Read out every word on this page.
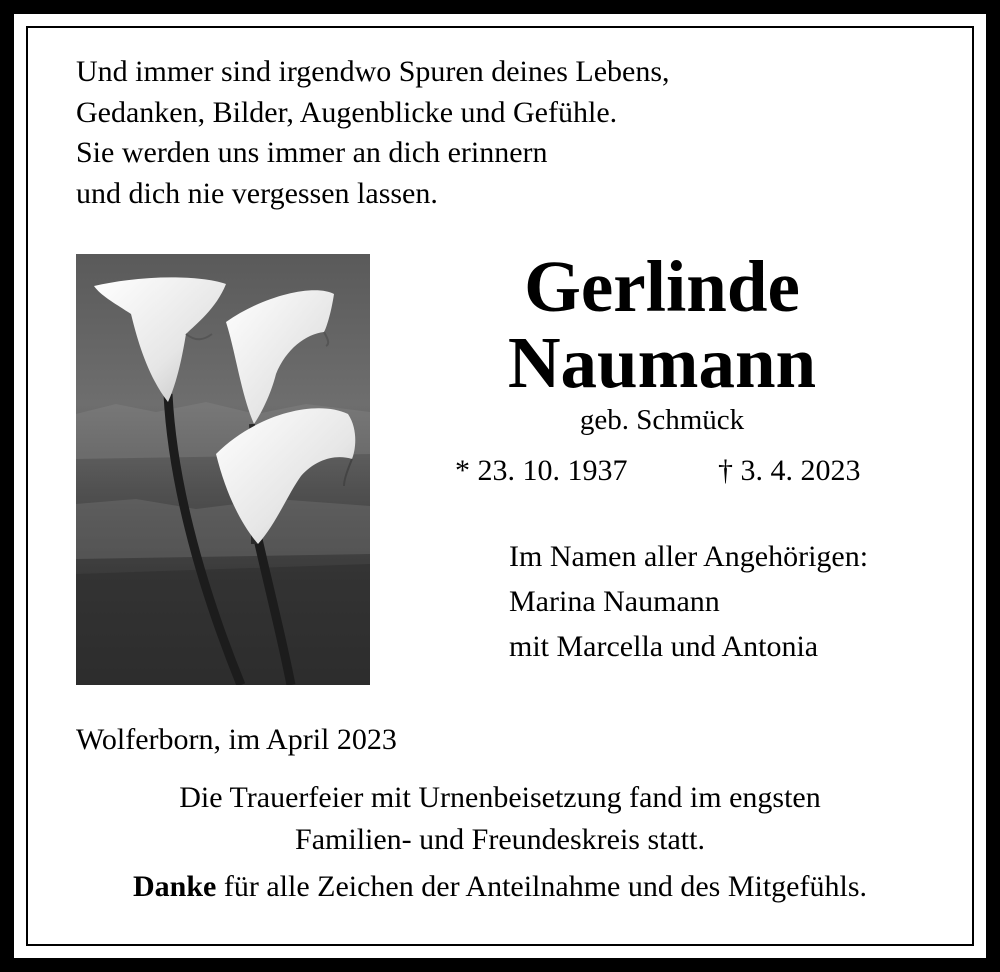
Und immer sind irgendwo Spuren deines Lebens,
Gedanken, Bilder, Augenblicke und Gefühle.
Sie werden uns immer an dich erinnern
und dich nie vergessen lassen.
Gerlinde
Naumann
geb. Schmück
* 23. 10. 1937	† 3. 4. 2023
Im Namen aller Angehörigen:
Marina Naumann
mit Marcella und Antonia
Wolferborn, im April 2023
Die Trauerfeier mit Urnenbeisetzung fand im engsten
Familien- und Freundeskreis statt.
Danke für alle Zeichen der Anteilnahme und des Mitgefühls.
